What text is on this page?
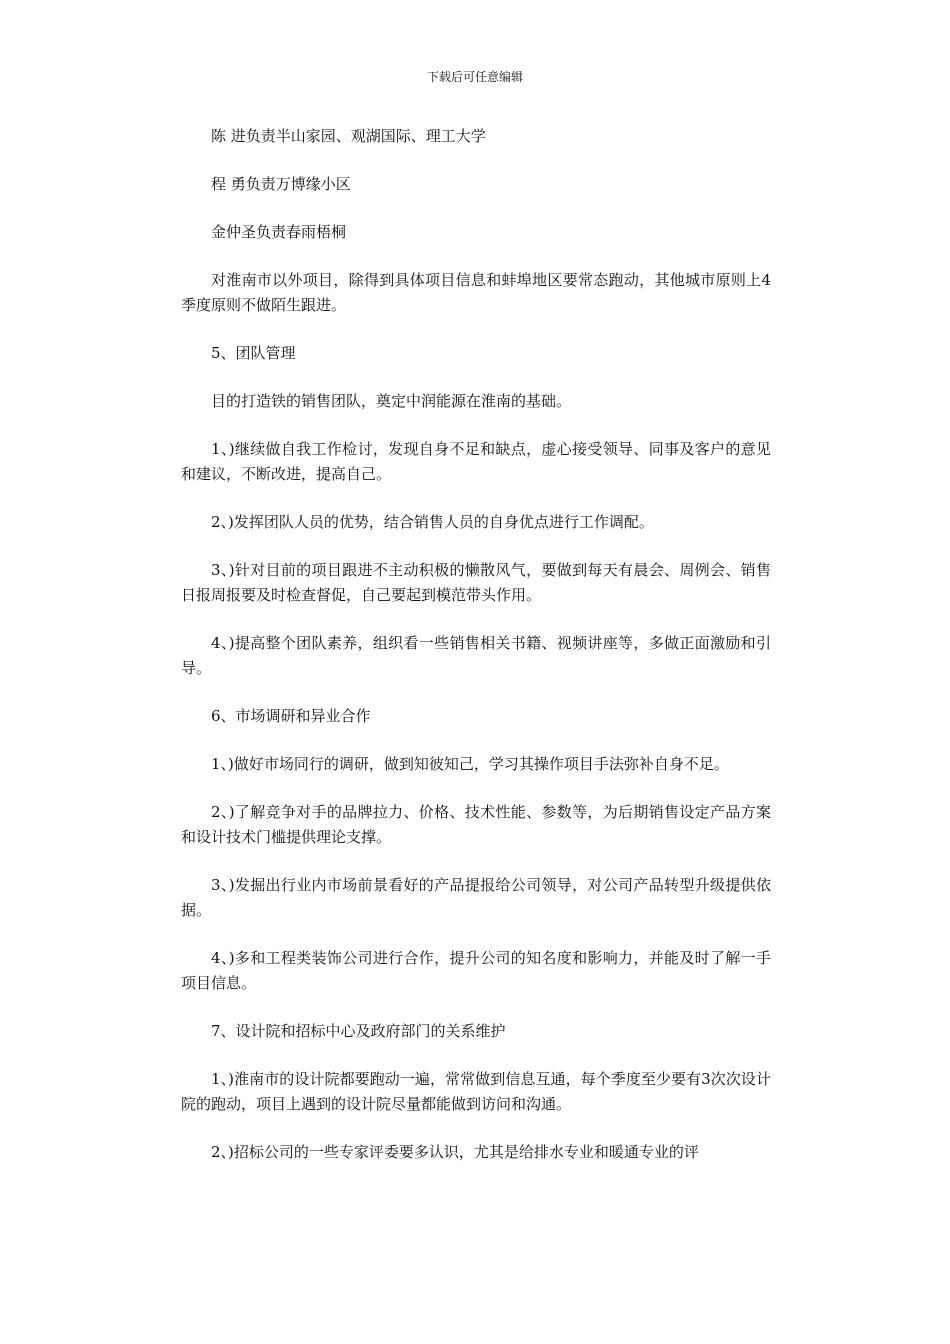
下载后可任意编辑

陈 进负责半山家园、观湖国际、理工大学

程 勇负责万博缘小区

金仲圣负责春雨梧桐

对淮南市以外项目，除得到具体项目信息和蚌埠地区要常态跑动，其他城市原则上4季度原则不做陌生跟进。

5、团队管理

目的打造铁的销售团队，奠定中润能源在淮南的基础。

1、)继续做自我工作检讨，发现自身不足和缺点，虚心接受领导、同事及客户的意见和建议，不断改进，提高自己。

2、)发挥团队人员的优势，结合销售人员的自身优点进行工作调配。

3、)针对目前的项目跟进不主动积极的懒散风气，要做到每天有晨会、周例会、销售日报周报要及时检查督促，自己要起到模范带头作用。

4、)提高整个团队素养，组织看一些销售相关书籍、视频讲座等，多做正面激励和引导。

6、市场调研和异业合作

1、)做好市场同行的调研，做到知彼知己，学习其操作项目手法弥补自身不足。

2、)了解竞争对手的品牌拉力、价格、技术性能、参数等，为后期销售设定产品方案和设计技术门槛提供理论支撑。

3、)发掘出行业内市场前景看好的产品提报给公司领导，对公司产品转型升级提供依据。

4、)多和工程类装饰公司进行合作，提升公司的知名度和影响力，并能及时了解一手项目信息。

7、设计院和招标中心及政府部门的关系维护

1、)淮南市的设计院都要跑动一遍，常常做到信息互通，每个季度至少要有3次次设计院的跑动，项目上遇到的设计院尽量都能做到访问和沟通。

2、)招标公司的一些专家评委要多认识，尤其是给排水专业和暖通专业的评
